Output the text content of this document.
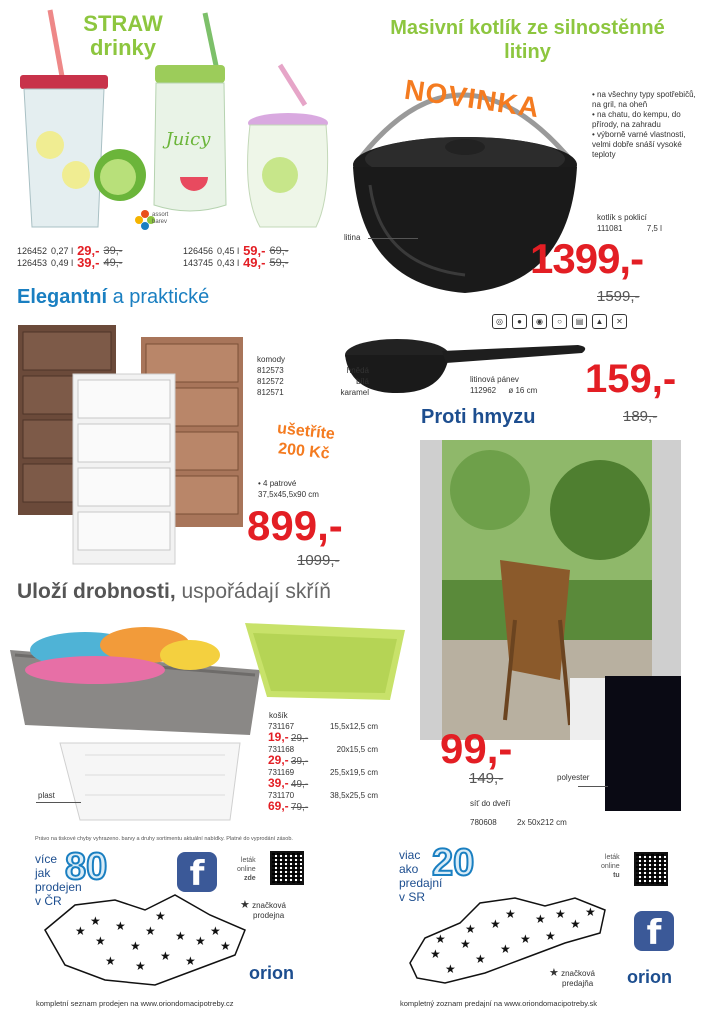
STRAW
drinky
Juicy
assort
barev
126452	0,27 l	29,-	39,-
126453	0,49 l	39,-	49,-
126456	0,45 l	59,-	69,-
143745	0,43 l	49,-	59,-
Masivní kotlík ze silnostěnné
litiny
NOVINKA	• na všechny typy spotřebičů, na gril, na oheň
• na chatu, do kempu, do přírody, na zahradu
• výborně varné vlastnosti, velmi dobře snáší vysoké teploty
litina
kotlík s poklicí
111081	7,5 l
1399,-
1599,-
◎ ● ◉ ○ ▤ ▲ ✕
litinová pánev
112962 ø 16 cm 159,-
189,-
Elegantní a praktické
komody
812573	hnědá
812572	bílá
812571	karamel
ušetříte
200 Kč
• 4 patrové
37,5x45,5x90 cm
899,-
1099,-
Proti hmyzu
99,-
149,-	polyester
síť do dveří
780608	2x 50x212 cm
Uloží drobnosti, uspořádají skříň
plast
košík
731167	15,5x12,5 cm
19,- 29,-
731168	20x15,5 cm
29,- 39,-
731169	25,5x19,5 cm
39,- 49,-
731170	38,5x25,5 cm
69,- 79,-
Právo na tiskové chyby vyhrazeno. barvy a druhy sortimentu aktuální nabídky. Platné do vyprodání zásob.
více
jak
prodejen
v ČR
80	f	leták
online
zde
★
★
★
★
★
★
★ ★
★
★ ★	★
★
★	★
★ značková
prodejna
orion
kompletní seznam prodejen na www.oriondomacipotreby.cz
viac
ako
predajní
v SR
20	leták
online
tu
f
★
★
★
★
★
★
★
★ ★
★
★
★
★
★
★
★ značková
predajňa orion
kompletný zoznam predajní na www.oriondomacipotreby.sk
